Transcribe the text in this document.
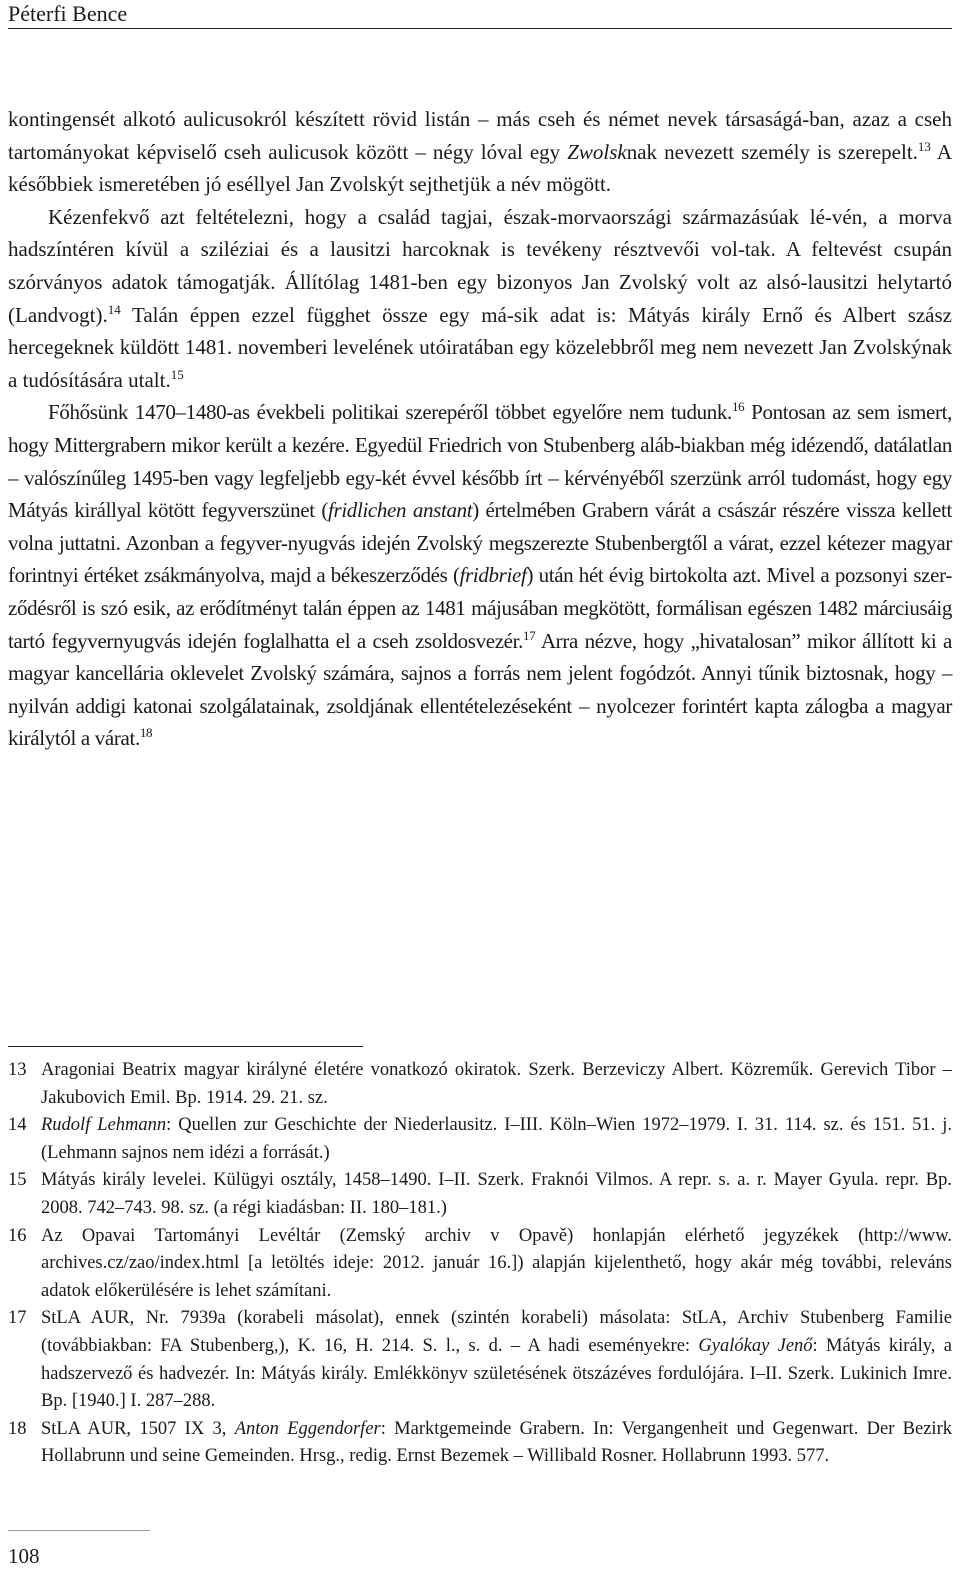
Péterfi Bence

kontingensét alkotó aulicusokról készített rövid listán – más cseh és német nevek társaságá-ban, azaz a cseh tartományokat képviselő cseh aulicusok között – négy lóval egy Zwolsknak nevezett személy is szerepelt.$^{13}$ A későbbiek ismeretében jó eséllyel Jan Zvolskýt sejthetjük a név mögött.

Kézenfekvő azt feltételezni, hogy a család tagjai, észak-morvaországi származásúak lé-vén, a morva hadszíntéren kívül a sziléziai és a lausitzi harcoknak is tevékeny résztvevői vol-tak. A feltevést csupán szórványos adatok támogatják. Állítólag 1481-ben egy bizonyos Jan Zvolský volt az alsó-lausitzi helytartó (Landvogt).$^{14}$ Talán éppen ezzel függhet össze egy má-sik adat is: Mátyás király Ernő és Albert szász hercegeknek küldött 1481. novemberi levelének utóiratában egy közelebbről meg nem nevezett Jan Zvolskýnak a tudósítására utalt.$^{15}$

Főhősünk 1470–1480-as évekbeli politikai szerepéről többet egyelőre nem tudunk.$^{16}$ Pontosan az sem ismert, hogy Mittergrabern mikor került a kezére. Egyedül Friedrich von Stubenberg aláb-biakban még idézendő, datálatlan – valószínűleg 1495-ben vagy legfeljebb egy-két évvel később írt – kérvényéből szerzünk arról tudomást, hogy egy Mátyás királlyal kötött fegyverszünet (fridlichen anstant) értelmében Grabern várát a császár részére vissza kellett volna juttatni. Azonban a fegyver-nyugvás idején Zvolský megszerezte Stubenbergtől a várat, ezzel kétezer magyar forintnyi értéket zsákmányolva, majd a békeszerződés (fridbrief) után hét évig birtokolta azt. Mivel a pozsonyi szer-ződésről is szó esik, az erődítményt talán éppen az 1481 májusában megkötött, formálisan egészen 1482 márciusáig tartó fegyvernyugvás idején foglalhatta el a cseh zsoldosvezér.$^{17}$ Arra nézve, hogy „hivatalosan” mikor állított ki a magyar kancellária oklevelet Zvolský számára, sajnos a forrás nem jelent fogódzót. Annyi tűnik biztosnak, hogy – nyilván addigi katonai szolgálatainak, zsoldjának ellentételezéseként – nyolcezer forintért kapta zálogba a magyar királytól a várat.$^{18}$

13 Aragoniai Beatrix magyar királyné életére vonatkozó okiratok. Szerk. Berzeviczy Albert. Közreműk. Gerevich Tibor – Jakubovich Emil. Bp. 1914. 29. 21. sz.
14 Rudolf Lehmann: Quellen zur Geschichte der Niederlausitz. I–III. Köln–Wien 1972–1979. I. 31. 114. sz. és 151. 51. j. (Lehmann sajnos nem idézi a forrását.)
15 Mátyás király levelei. Külügyi osztály, 1458–1490. I–II. Szerk. Fraknói Vilmos. A repr. s. a. r. Mayer Gyula. repr. Bp. 2008. 742–743. 98. sz. (a régi kiadásban: II. 180–181.)
16 Az Opavai Tartományi Levéltár (Zemský archiv v Opavě) honlapján elérhető jegyzékek (http://www. archives.cz/zao/index.html [a letöltés ideje: 2012. január 16.]) alapján kijelenthető, hogy akár még további, releváns adatok előkerülésére is lehet számítani.
17 StLA AUR, Nr. 7939a (korabeli másolat), ennek (szintén korabeli) másolata: StLA, Archiv Stubenberg Familie (továbbiakban: FA Stubenberg,), K. 16, H. 214. S. l., s. d. – A hadi eseményekre: Gyalókay Jenő: Mátyás király, a hadszervező és hadvezér. In: Mátyás király. Emlékkönyv születésének ötszázéves fordulójára. I–II. Szerk. Lukinich Imre. Bp. [1940.] I. 287–288.
18 StLA AUR, 1507 IX 3, Anton Eggendorfer: Marktgemeinde Grabern. In: Vergangenheit und Gegenwart. Der Bezirk Hollabrunn und seine Gemeinden. Hrsg., redig. Ernst Bezemek – Willibald Rosner. Hollabrunn 1993. 577.
108
